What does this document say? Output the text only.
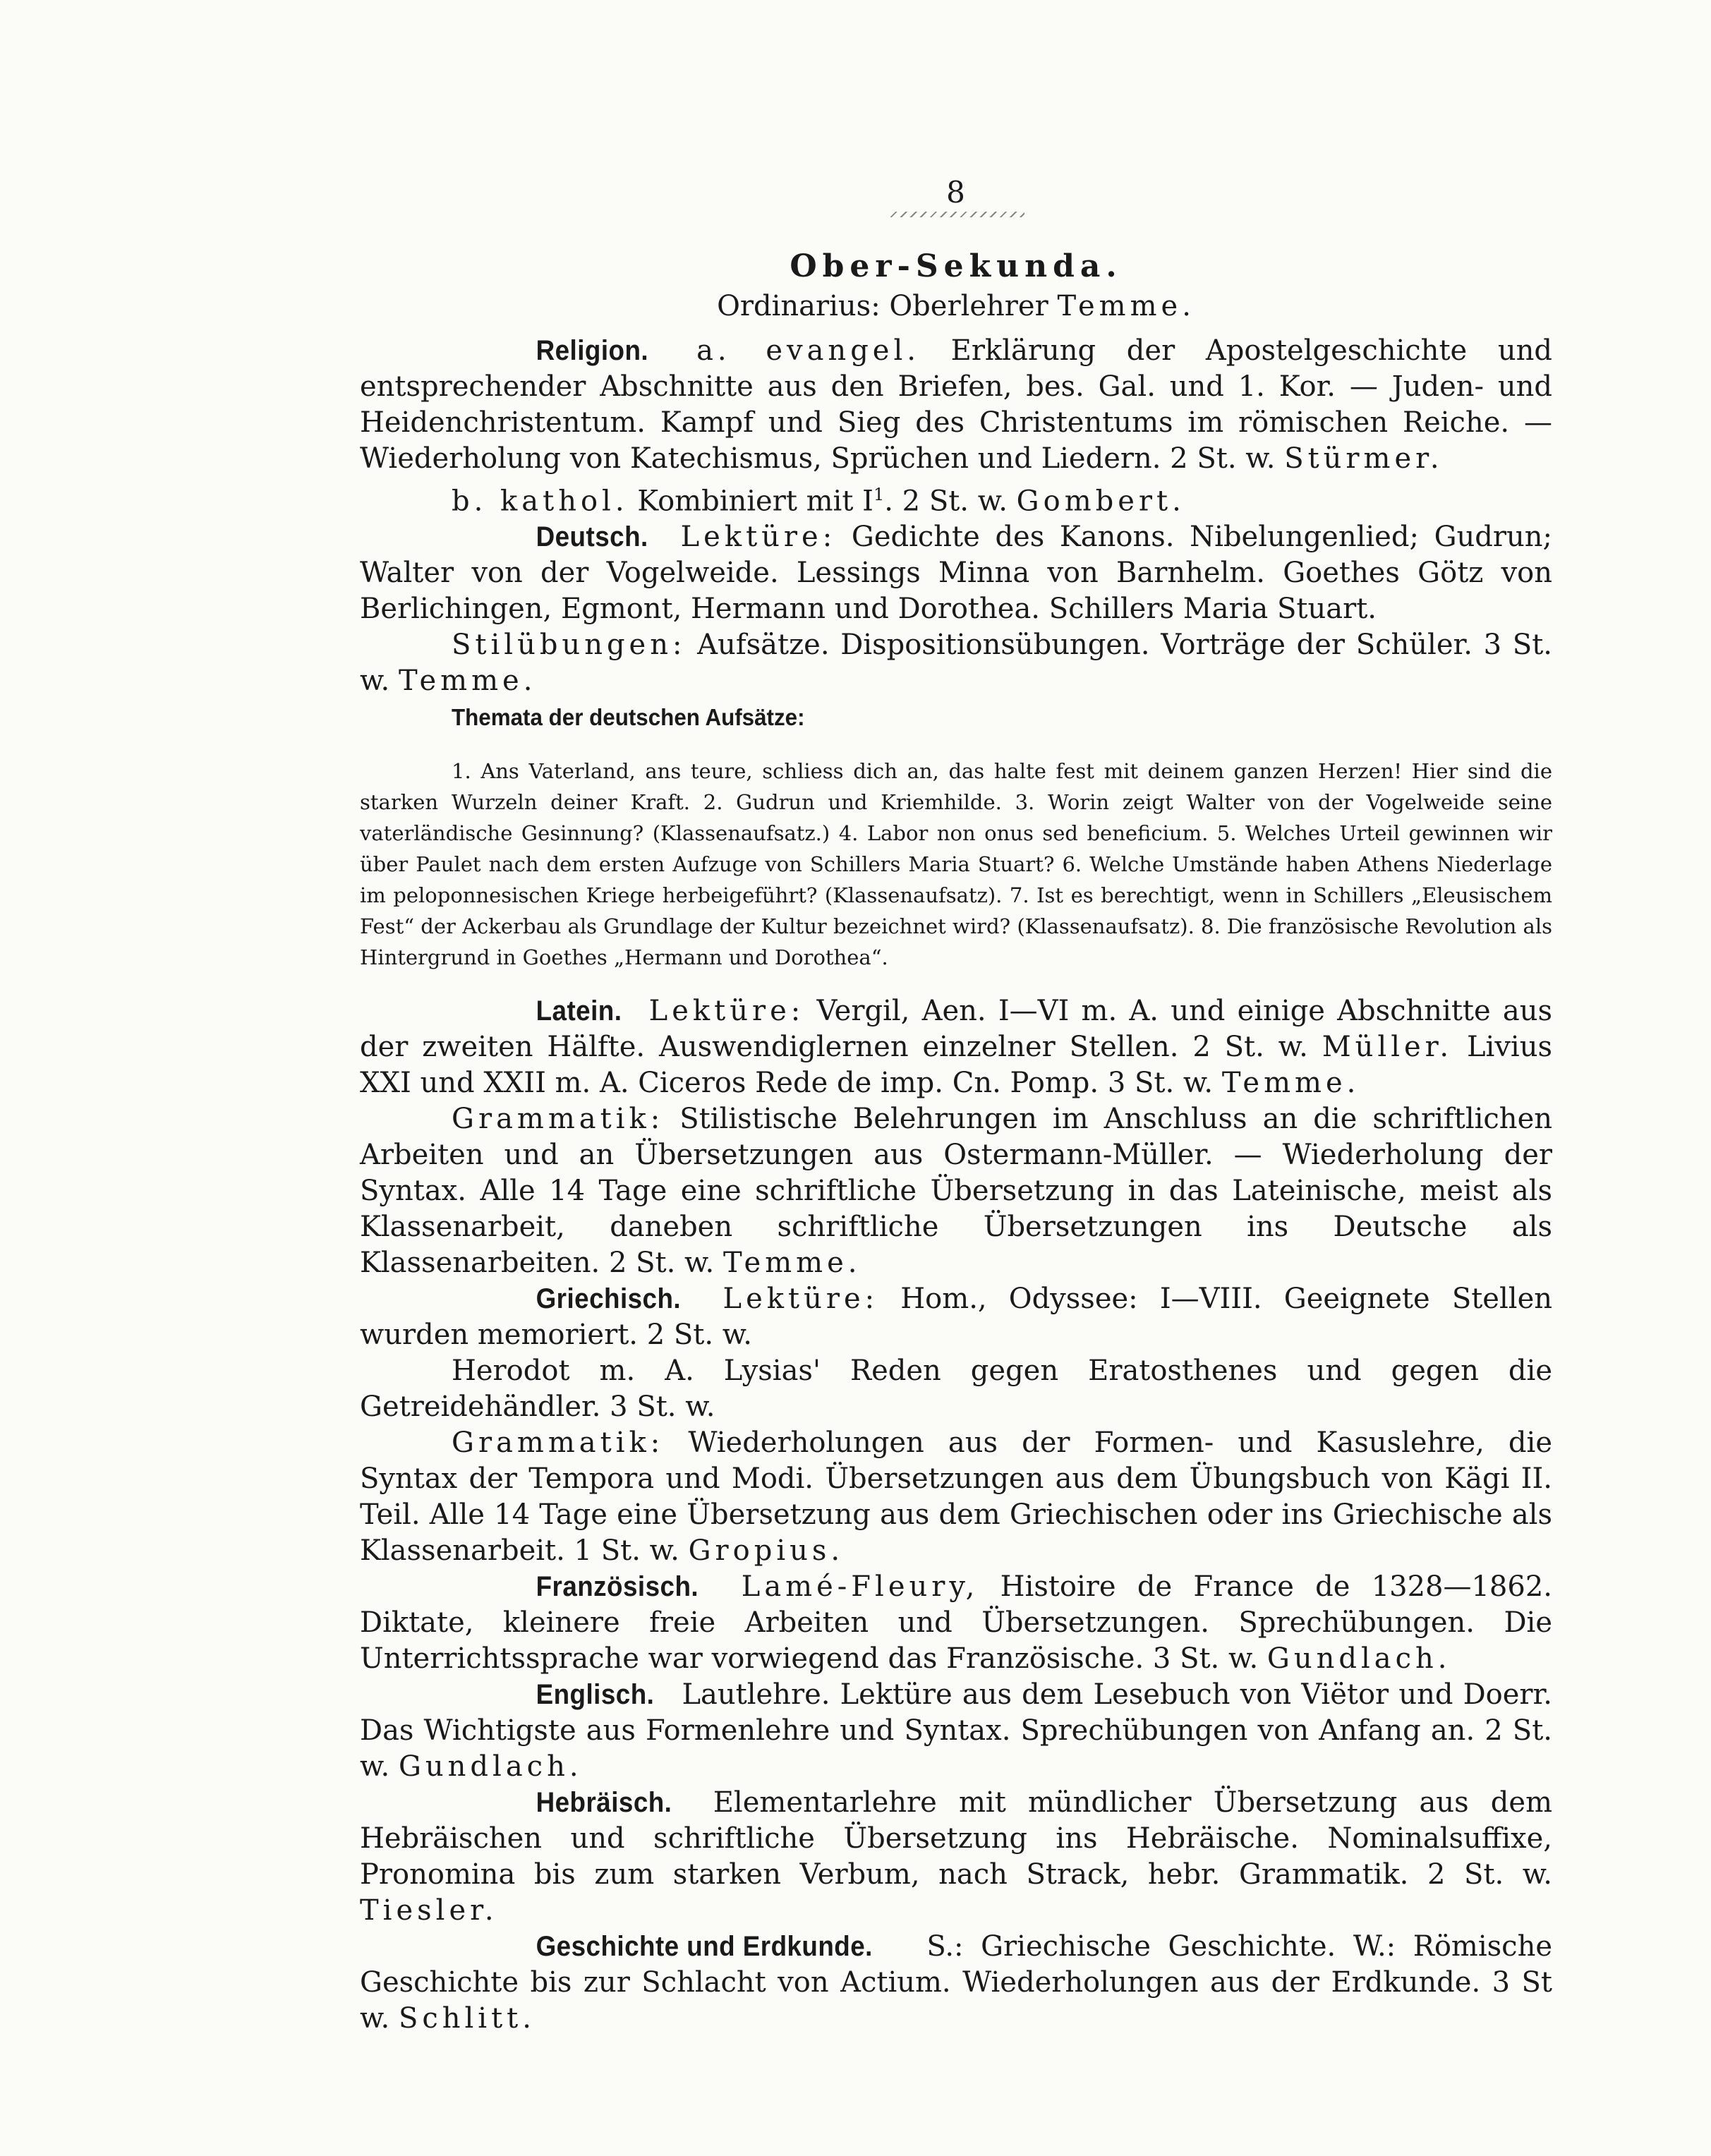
8
Ober-Sekunda.
Ordinarius: Oberlehrer Temme.

Religion. a. evangel. Erklärung der Apostelgeschichte und entsprechender Abschnitte aus den Briefen, bes. Gal. und 1. Kor. — Juden- und Heidenchristentum. Kampf und Sieg des Christentums im römischen Reiche. — Wiederholung von Katechismus, Sprüchen und Liedern. 2 St. w. Stürmer.

b. kathol. Kombiniert mit $I^1$. 2 St. w. Gombert.

Deutsch. Lektüre: Gedichte des Kanons. Nibelungenlied; Gudrun; Walter von der Vogelweide. Lessings Minna von Barnhelm. Goethes Götz von Berlichingen, Egmont, Hermann und Dorothea. Schillers Maria Stuart.

Stilübungen: Aufsätze. Dispositionsübungen. Vorträge der Schüler. 3 St. w. Temme.

Themata der deutschen Aufsätze:

1. Ans Vaterland, ans teure, schliess dich an, das halte fest mit deinem ganzen Herzen! Hier sind die starken Wurzeln deiner Kraft. 2. Gudrun und Kriemhilde. 3. Worin zeigt Walter von der Vogelweide seine vaterländische Gesinnung? (Klassenaufsatz.) 4. Labor non onus sed beneficium. 5. Welches Urteil gewinnen wir über Paulet nach dem ersten Aufzuge von Schillers Maria Stuart? 6. Welche Umstände haben Athens Niederlage im peloponnesischen Kriege herbeigeführt? (Klassenaufsatz). 7. Ist es berechtigt, wenn in Schillers „Eleusischem Fest“ der Ackerbau als Grundlage der Kultur bezeichnet wird? (Klassenaufsatz). 8. Die französische Revolution als Hintergrund in Goethes „Hermann und Dorothea“.

Latein. Lektüre: Vergil, Aen. I—VI m. A. und einige Abschnitte aus der zweiten Hälfte. Auswendiglernen einzelner Stellen. 2 St. w. Müller. Livius XXI und XXII m. A. Ciceros Rede de imp. Cn. Pomp. 3 St. w. Temme.

Grammatik: Stilistische Belehrungen im Anschluss an die schriftlichen Arbeiten und an Übersetzungen aus Ostermann-Müller. — Wiederholung der Syntax. Alle 14 Tage eine schriftliche Übersetzung in das Lateinische, meist als Klassenarbeit, daneben schriftliche Übersetzungen ins Deutsche als Klassenarbeiten. 2 St. w. Temme.

Griechisch. Lektüre: Hom., Odyssee: I—VIII. Geeignete Stellen wurden memoriert. 2 St. w.

Herodot m. A. Lysias' Reden gegen Eratosthenes und gegen die Getreidehändler. 3 St. w.

Grammatik: Wiederholungen aus der Formen- und Kasuslehre, die Syntax der Tempora und Modi. Übersetzungen aus dem Übungsbuch von Kägi II. Teil. Alle 14 Tage eine Übersetzung aus dem Griechischen oder ins Griechische als Klassenarbeit. 1 St. w. Gropius.

Französisch. Lamé-Fleury, Histoire de France de 1328—1862. Diktate, kleinere freie Arbeiten und Übersetzungen. Sprechübungen. Die Unterrichtssprache war vorwiegend das Französische. 3 St. w. Gundlach.

Englisch. Lautlehre. Lektüre aus dem Lesebuch von Viëtor und Doerr. Das Wichtigste aus Formenlehre und Syntax. Sprechübungen von Anfang an. 2 St. w. Gundlach.

Hebräisch. Elementarlehre mit mündlicher Übersetzung aus dem Hebräischen und schriftliche Übersetzung ins Hebräische. Nominalsuffixe, Pronomina bis zum starken Verbum, nach Strack, hebr. Grammatik. 2 St. w. Tiesler.

Geschichte und Erdkunde. S.: Griechische Geschichte. W.: Römische Geschichte bis zur Schlacht von Actium. Wiederholungen aus der Erdkunde. 3 St w. Schlitt.
